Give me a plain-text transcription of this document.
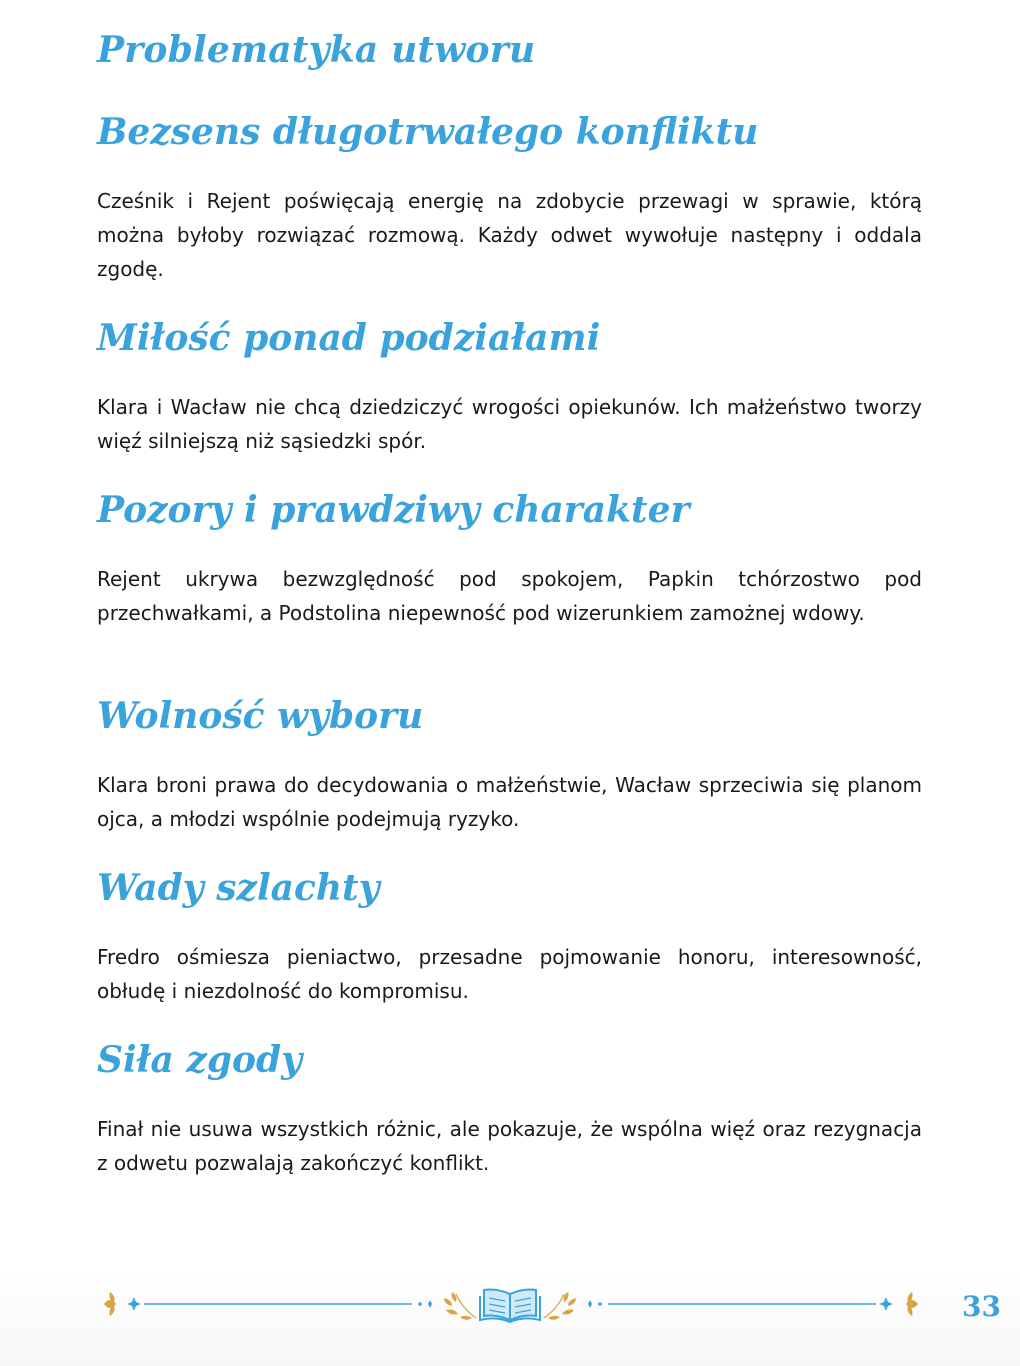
Problematyka utworu
Bezsens długotrwałego konfliktu

Cześnik i Rejent poświęcają energię na zdobycie przewagi w sprawie, którą można byłoby rozwiązać rozmową. Każdy odwet wywołuje następny i oddala zgodę.

Miłość ponad podziałami

Klara i Wacław nie chcą dziedziczyć wrogości opiekunów. Ich małżeństwo tworzy więź silniejszą niż sąsiedzki spór.

Pozory i prawdziwy charakter

Rejent ukrywa bezwzględność pod spokojem, Papkin tchórzostwo pod przechwałkami, a Podstolina niepewność pod wizerunkiem zamożnej wdowy.

Wolność wyboru

Klara broni prawa do decydowania o małżeństwie, Wacław sprzeciwia się planom ojca, a młodzi wspólnie podejmują ryzyko.

Wady szlachty

Fredro ośmiesza pieniactwo, przesadne pojmowanie honoru, interesowność, obłudę i niezdolność do kompromisu.

Siła zgody

Finał nie usuwa wszystkich różnic, ale pokazuje, że wspólna więź oraz rezygnacja z odwetu pozwalają zakończyć konflikt.

33
